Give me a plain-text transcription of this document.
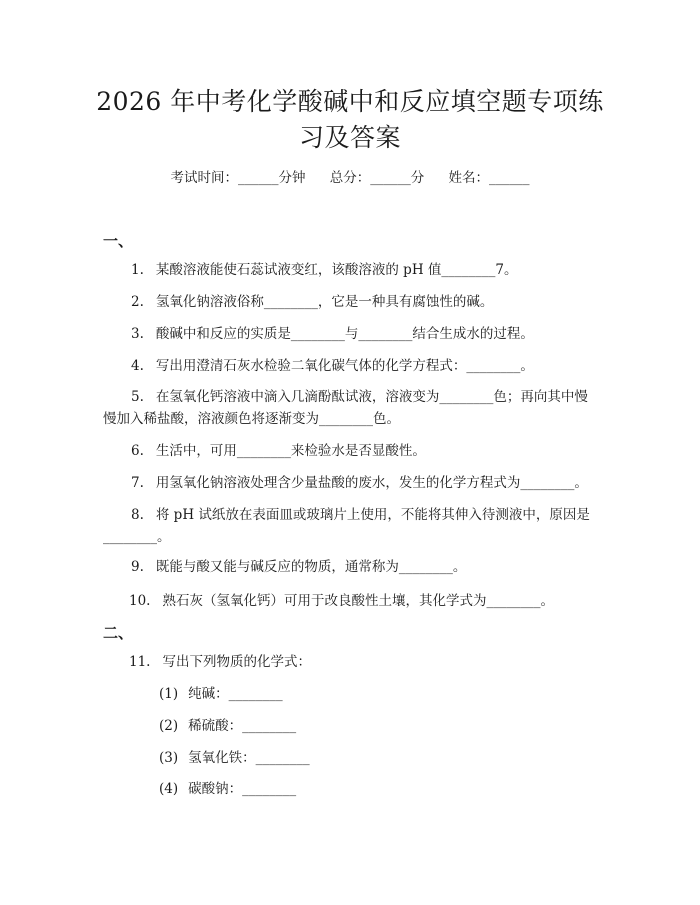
2026 年中考化学酸碱中和反应填空题专项练
习及答案
考试时间：______分钟 总分：______分 姓名：______
一、

1. 某酸溶液能使石蕊试液变红，该酸溶液的 pH 值________7。

2. 氢氧化钠溶液俗称________，它是一种具有腐蚀性的碱。

3. 酸碱中和反应的实质是________与________结合生成水的过程。

4. 写出用澄清石灰水检验二氧化碳气体的化学方程式：________。

5. 在氢氧化钙溶液中滴入几滴酚酞试液，溶液变为________色；再向其中慢慢加入稀盐酸，溶液颜色将逐渐变为________色。

6. 生活中，可用________来检验水是否显酸性。

7. 用氢氧化钠溶液处理含少量盐酸的废水，发生的化学方程式为________。

8. 将 pH 试纸放在表面皿或玻璃片上使用，不能将其伸入待测液中，原因是________。

9. 既能与酸又能与碱反应的物质，通常称为________。

10. 熟石灰（氢氧化钙）可用于改良酸性土壤，其化学式为________。

二、

11. 写出下列物质的化学式：

(1) 纯碱：________

(2) 稀硫酸：________

(3) 氢氧化铁：________

(4) 碳酸钠：________
